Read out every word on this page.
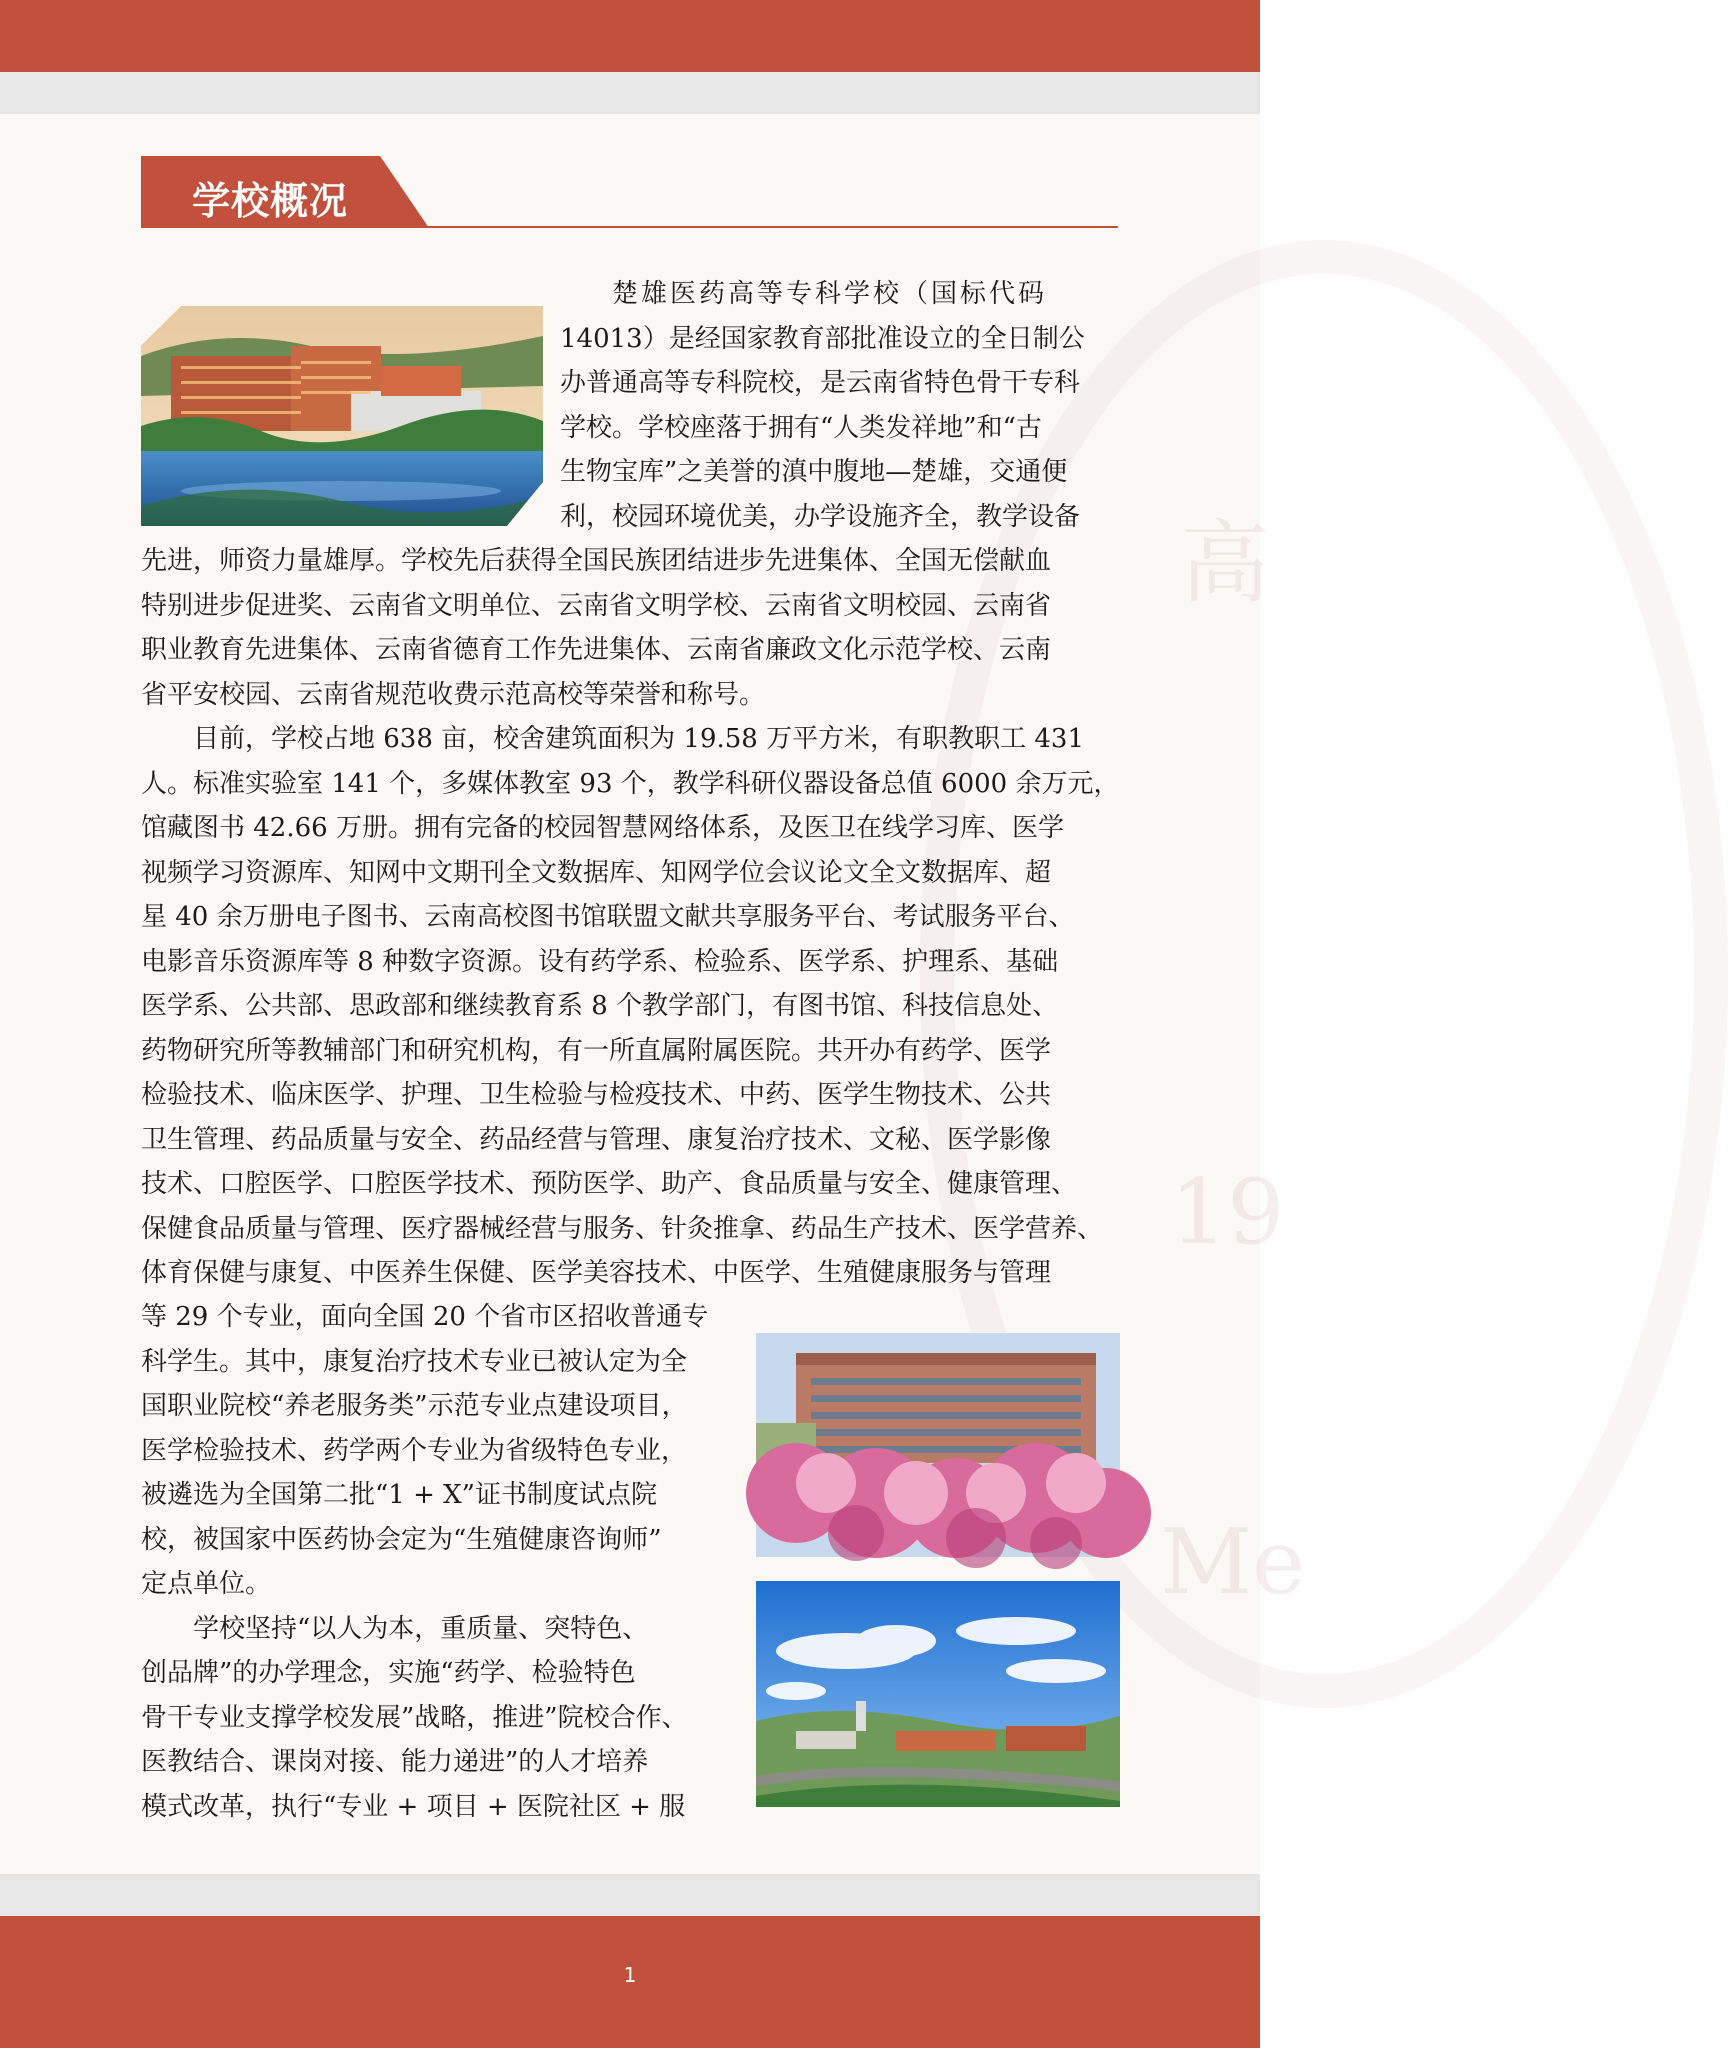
高
19
Me
学校概况

楚雄医药高等专科学校（国标代码

14013）是经国家教育部批准设立的全日制公

办普通高等专科院校，是云南省特色骨干专科

学校。学校座落于拥有“人类发祥地”和“古

生物宝库”之美誉的滇中腹地—楚雄，交通便

利，校园环境优美，办学设施齐全，教学设备

先进，师资力量雄厚。学校先后获得全国民族团结进步先进集体、全国无偿献血

特别进步促进奖、云南省文明单位、云南省文明学校、云南省文明校园、云南省

职业教育先进集体、云南省德育工作先进集体、云南省廉政文化示范学校、云南

省平安校园、云南省规范收费示范高校等荣誉和称号。

目前，学校占地 638 亩，校舍建筑面积为 19.58 万平方米，有职教职工 431

人。标准实验室 141 个，多媒体教室 93 个，教学科研仪器设备总值 6000 余万元，

馆藏图书 42.66 万册。拥有完备的校园智慧网络体系，及医卫在线学习库、医学

视频学习资源库、知网中文期刊全文数据库、知网学位会议论文全文数据库、超

星 40 余万册电子图书、云南高校图书馆联盟文献共享服务平台、考试服务平台、

电影音乐资源库等 8 种数字资源。设有药学系、检验系、医学系、护理系、基础

医学系、公共部、思政部和继续教育系 8 个教学部门，有图书馆、科技信息处、

药物研究所等教辅部门和研究机构，有一所直属附属医院。共开办有药学、医学

检验技术、临床医学、护理、卫生检验与检疫技术、中药、医学生物技术、公共

卫生管理、药品质量与安全、药品经营与管理、康复治疗技术、文秘、医学影像

技术、口腔医学、口腔医学技术、预防医学、助产、食品质量与安全、健康管理、

保健食品质量与管理、医疗器械经营与服务、针灸推拿、药品生产技术、医学营养、

体育保健与康复、中医养生保健、医学美容技术、中医学、生殖健康服务与管理

等 29 个专业，面向全国 20 个省市区招收普通专

科学生。其中，康复治疗技术专业已被认定为全

国职业院校“养老服务类”示范专业点建设项目，

医学检验技术、药学两个专业为省级特色专业，

被遴选为全国第二批“1 + X”证书制度试点院

校，被国家中医药协会定为“生殖健康咨询师”

定点单位。

学校坚持“以人为本，重质量、突特色、

创品牌”的办学理念，实施“药学、检验特色

骨干专业支撑学校发展”战略，推进”院校合作、

医教结合、课岗对接、能力递进”的人才培养

模式改革，执行“专业 + 项目 + 医院社区 + 服

1
